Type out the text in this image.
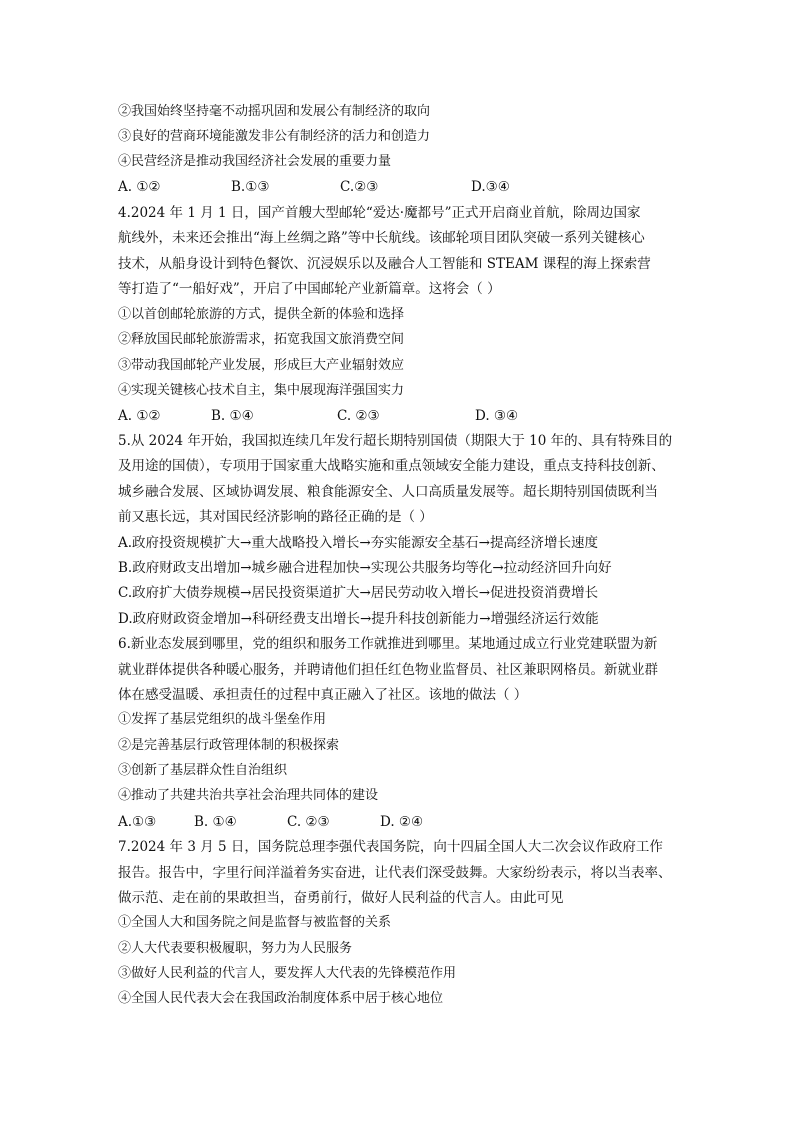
②我国始终坚持毫不动摇巩固和发展公有制经济的取向
③良好的营商环境能激发非公有制经济的活力和创造力
④民营经济是推动我国经济社会发展的重要力量
A. ①②	B.①③	C.②③	D.③④
4.2024 年 1 月 1 日，国产首艘大型邮轮“爱达·魔都号”正式开启商业首航，除周边国家
航线外，未来还会推出“海上丝绸之路”等中长航线。该邮轮项目团队突破一系列关键核心
技术，从船身设计到特色餐饮、沉浸娱乐以及融合人工智能和 STEAM 课程的海上探索营
等打造了“一船好戏”，开启了中国邮轮产业新篇章。这将会（ ）
①以首创邮轮旅游的方式，提供全新的体验和选择
②释放国民邮轮旅游需求，拓宽我国文旅消费空间
③带动我国邮轮产业发展，形成巨大产业辐射效应
④实现关键核心技术自主，集中展现海洋强国实力
A. ①②	B. ①④	C. ②③	D. ③④
5.从 2024 年开始，我国拟连续几年发行超长期特别国债（期限大于 10 年的、具有特殊目的
及用途的国债），专项用于国家重大战略实施和重点领域安全能力建设，重点支持科技创新、
城乡融合发展、区域协调发展、粮食能源安全、人口高质量发展等。超长期特别国债既利当
前又惠长远，其对国民经济影响的路径正确的是（ ）
A.政府投资规模扩大→重大战略投入增长→夯实能源安全基石→提高经济增长速度
B.政府财政支出增加→城乡融合进程加快→实现公共服务均等化→拉动经济回升向好
C.政府扩大债券规模→居民投资渠道扩大→居民劳动收入增长→促进投资消费增长
D.政府财政资金增加→科研经费支出增长→提升科技创新能力→增强经济运行效能
6.新业态发展到哪里，党的组织和服务工作就推进到哪里。某地通过成立行业党建联盟为新
就业群体提供各种暖心服务，并聘请他们担任红色物业监督员、社区兼职网格员。新就业群
体在感受温暖、承担责任的过程中真正融入了社区。该地的做法（ ）
①发挥了基层党组织的战斗堡垒作用
②是完善基层行政管理体制的积极探索
③创新了基层群众性自治组织
④推动了共建共治共享社会治理共同体的建设
A.①③	B. ①④	C. ②③	D. ②④
7.2024 年 3 月 5 日，国务院总理李强代表国务院，向十四届全国人大二次会议作政府工作
报告。报告中，字里行间洋溢着务实奋进，让代表们深受鼓舞。大家纷纷表示，将以当表率、
做示范、走在前的果敢担当，奋勇前行，做好人民利益的代言人。由此可见
①全国人大和国务院之间是监督与被监督的关系
②人大代表要积极履职，努力为人民服务
③做好人民利益的代言人，要发挥人大代表的先锋模范作用
④全国人民代表大会在我国政治制度体系中居于核心地位
